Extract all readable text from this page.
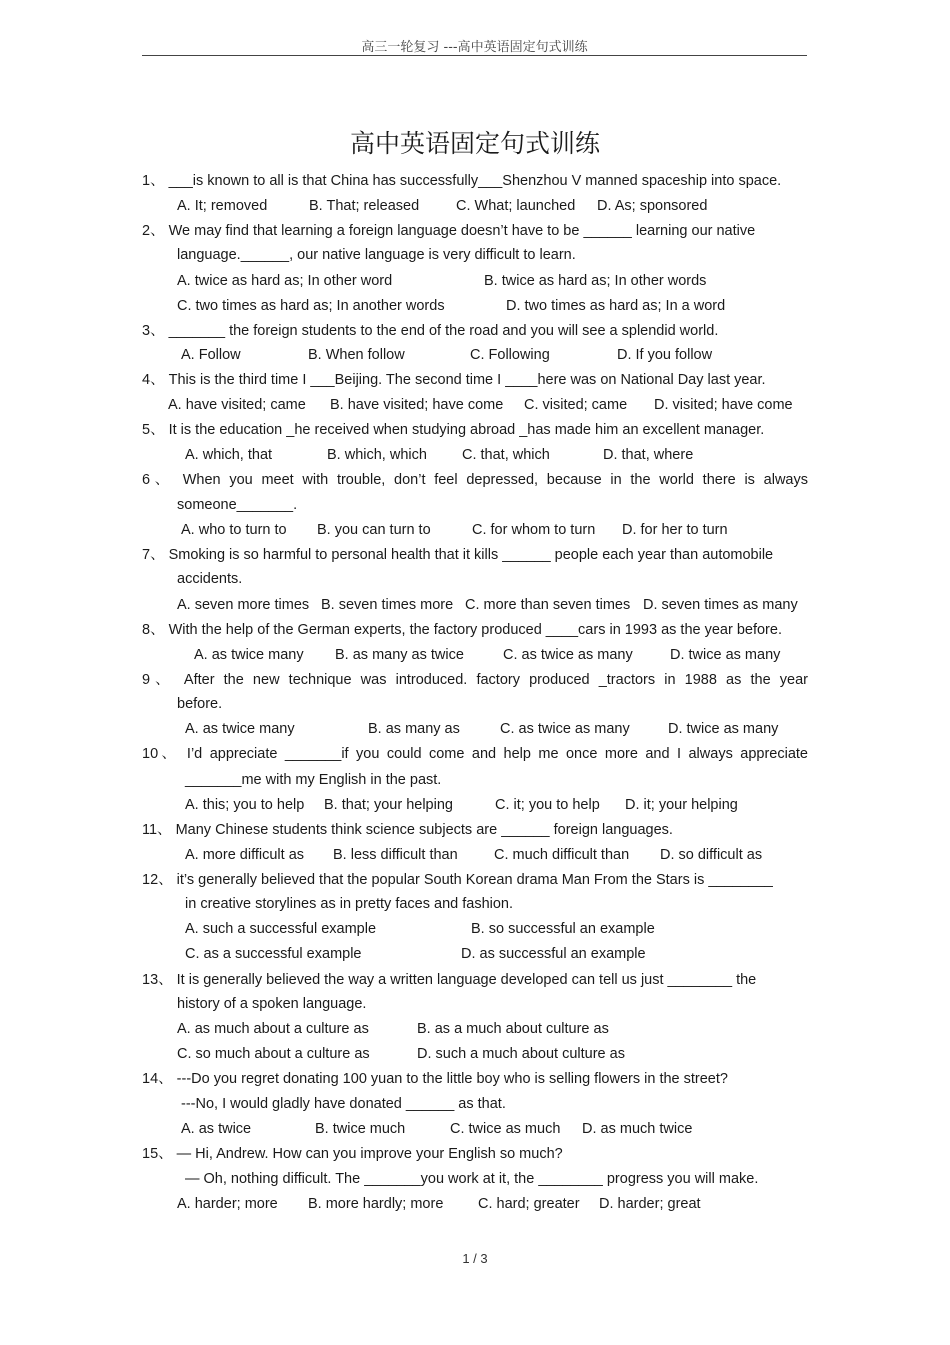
高三一轮复习 ---高中英语固定句式训练
高中英语固定句式训练
1、 ___is known to all is that China has successfully___Shenzhou V manned spaceship into space.
A. It; removed	B. That; released	C. What; launched D. As; sponsored
2、 We may find that learning a foreign language doesn’t have to be ______ learning our native
language.______, our native language is very difficult to learn.
A. twice as hard as; In other word	B. twice as hard as; In other words
C. two times as hard as; In another words	D. two times as hard as; In a word
3、 _______ the foreign students to the end of the road and you will see a splendid world.
A. Follow	B. When follow	C. Following	D. If you follow
4、 This is the third time I ___Beijing. The second time I ____here was on National Day last year.
A. have visited; came B. have visited; have come C. visited; came D. visited; have come
5、 It is the education _he received when studying abroad _has made him an excellent manager.
A. which, that	B. which, which C. that, which	D. that, where
6、 When you meet with trouble, don’t feel depressed, because in the world there is always
someone_______.
A. who to turn to B. you can turn to	C. for whom to turn D. for her to turn
7、 Smoking is so harmful to personal health that it kills ______ people each year than automobile
accidents.
A. seven more times B. seven times more C. more than seven times D. seven times as many
8、 With the help of the German experts, the factory produced ____cars in 1993 as the year before.
A. as twice many B. as many as twice	C. as twice as many	D. twice as many
9、 After the new technique was introduced. factory produced _tractors in 1988 as the year
before.
A. as twice many	B. as many as	C. as twice as many	D. twice as many
10、 I’d appreciate _______if you could come and help me once more and I always appreciate
_______me with my English in the past.
A. this; you to help B. that; your helping	C. it; you to help D. it; your helping
11、 Many Chinese students think science subjects are ______ foreign languages.
A. more difficult as B. less difficult than	C. much difficult than D. so difficult as
12、 it’s generally believed that the popular South Korean drama Man From the Stars is ________
in creative storylines as in pretty faces and fashion.
A. such a successful example	B. so successful an example
C. as a successful example	D. as successful an example
13、 It is generally believed the way a written language developed can tell us just ________ the
history of a spoken language.
A. as much about a culture as	B. as a much about culture as
C. so much about a culture as	D. such a much about culture as
14、 ---Do you regret donating 100 yuan to the little boy who is selling flowers in the street?
---No, I would gladly have donated ______ as that.
A. as twice	B. twice much	C. twice as much D. as much twice
15、 — Hi, Andrew. How can you improve your English so much?
— Oh, nothing difficult. The _______you work at it, the ________ progress you will make.
A. harder; more B. more hardly; more C. hard; greater D. harder; great
1 / 3
